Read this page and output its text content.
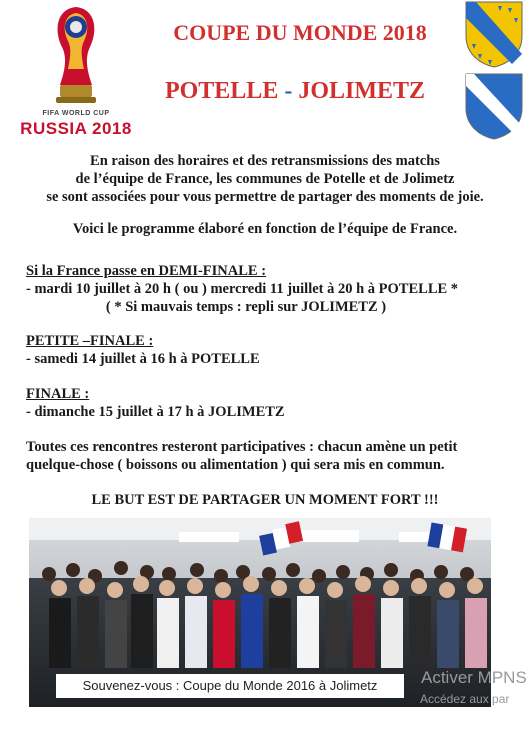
FIFA WORLD CUP
RUSSIA 2018
COUPE DU MONDE 2018
POTELLE - JOLIMETZ
En raison des horaires et des retransmissions des matchs
de l’équipe de France, les communes de Potelle et de Jolimetz
se sont associées pour vous permettre de partager des moments de joie.
Voici le programme élaboré en fonction de l’équipe de France.
Si la France passe en DEMI-FINALE :
- mardi 10 juillet à 20 h ( ou ) mercredi 11 juillet à 20 h à POTELLE *
( * Si mauvais temps : repli sur JOLIMETZ )
PETITE –FINALE :
- samedi 14 juillet à 16 h à POTELLE
FINALE :
- dimanche 15 juillet à 17 h à JOLIMETZ
Toutes ces rencontres resteront participatives : chacun amène un petit
quelque-chose ( boissons ou alimentation ) qui sera mis en commun.
LE BUT EST DE PARTAGER UN MOMENT FORT !!!
Souvenez-vous : Coupe du Monde 2016 à Jolimetz	Activer MPNS
Accédez aux par
